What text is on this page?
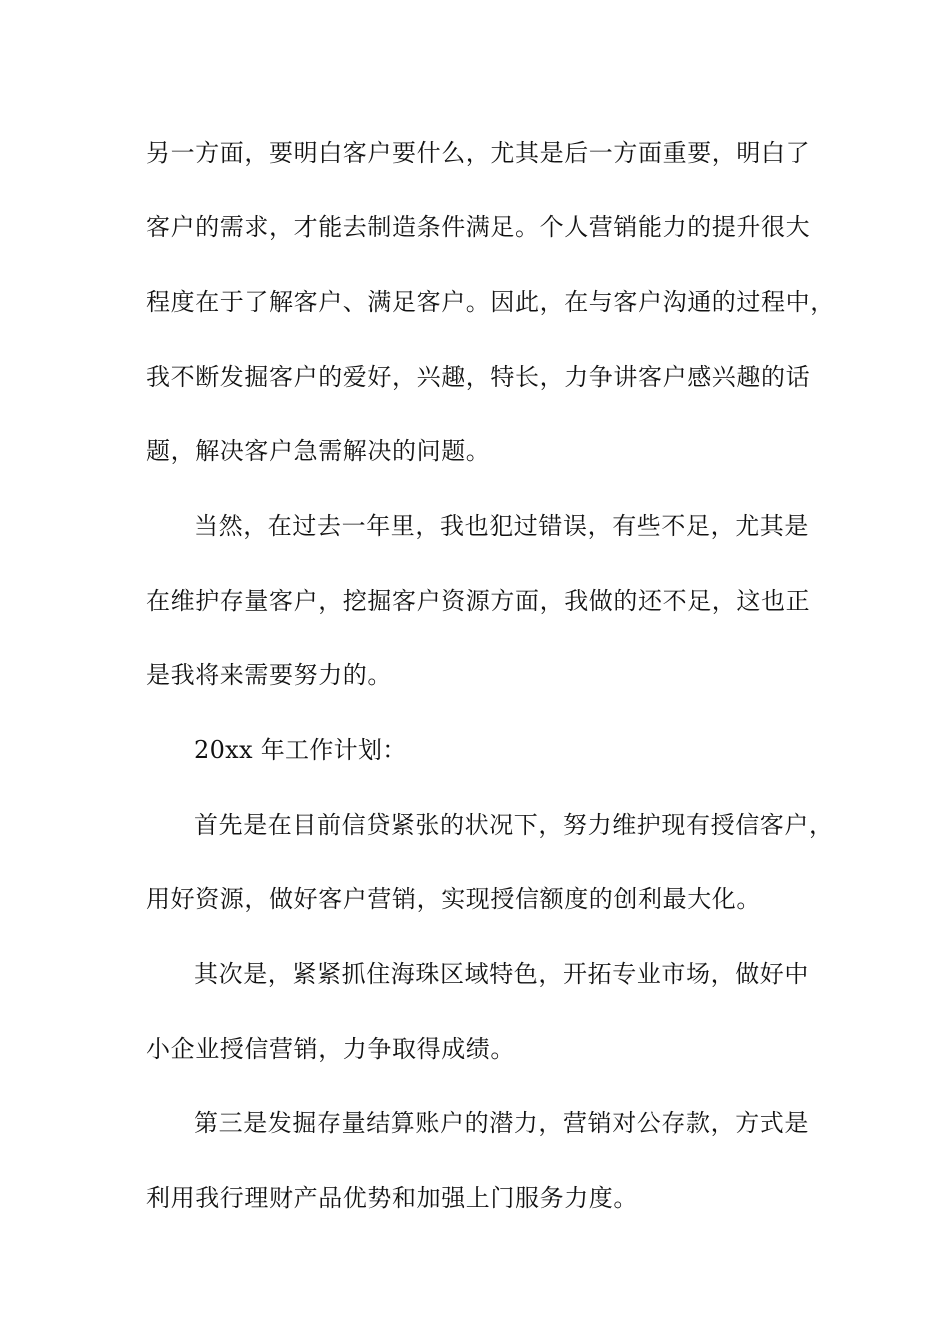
另一方面，要明白客户要什么，尤其是后一方面重要，明白了
客户的需求，才能去制造条件满足。个人营销能力的提升很大
程度在于了解客户、满足客户。因此，在与客户沟通的过程中，
我不断发掘客户的爱好，兴趣，特长，力争讲客户感兴趣的话
题，解决客户急需解决的问题。
当然，在过去一年里，我也犯过错误，有些不足，尤其是
在维护存量客户，挖掘客户资源方面，我做的还不足，这也正
是我将来需要努力的。
20xx 年工作计划：
首先是在目前信贷紧张的状况下，努力维护现有授信客户，
用好资源，做好客户营销，实现授信额度的创利最大化。
其次是，紧紧抓住海珠区域特色，开拓专业市场，做好中
小企业授信营销，力争取得成绩。
第三是发掘存量结算账户的潜力，营销对公存款，方式是
利用我行理财产品优势和加强上门服务力度。
